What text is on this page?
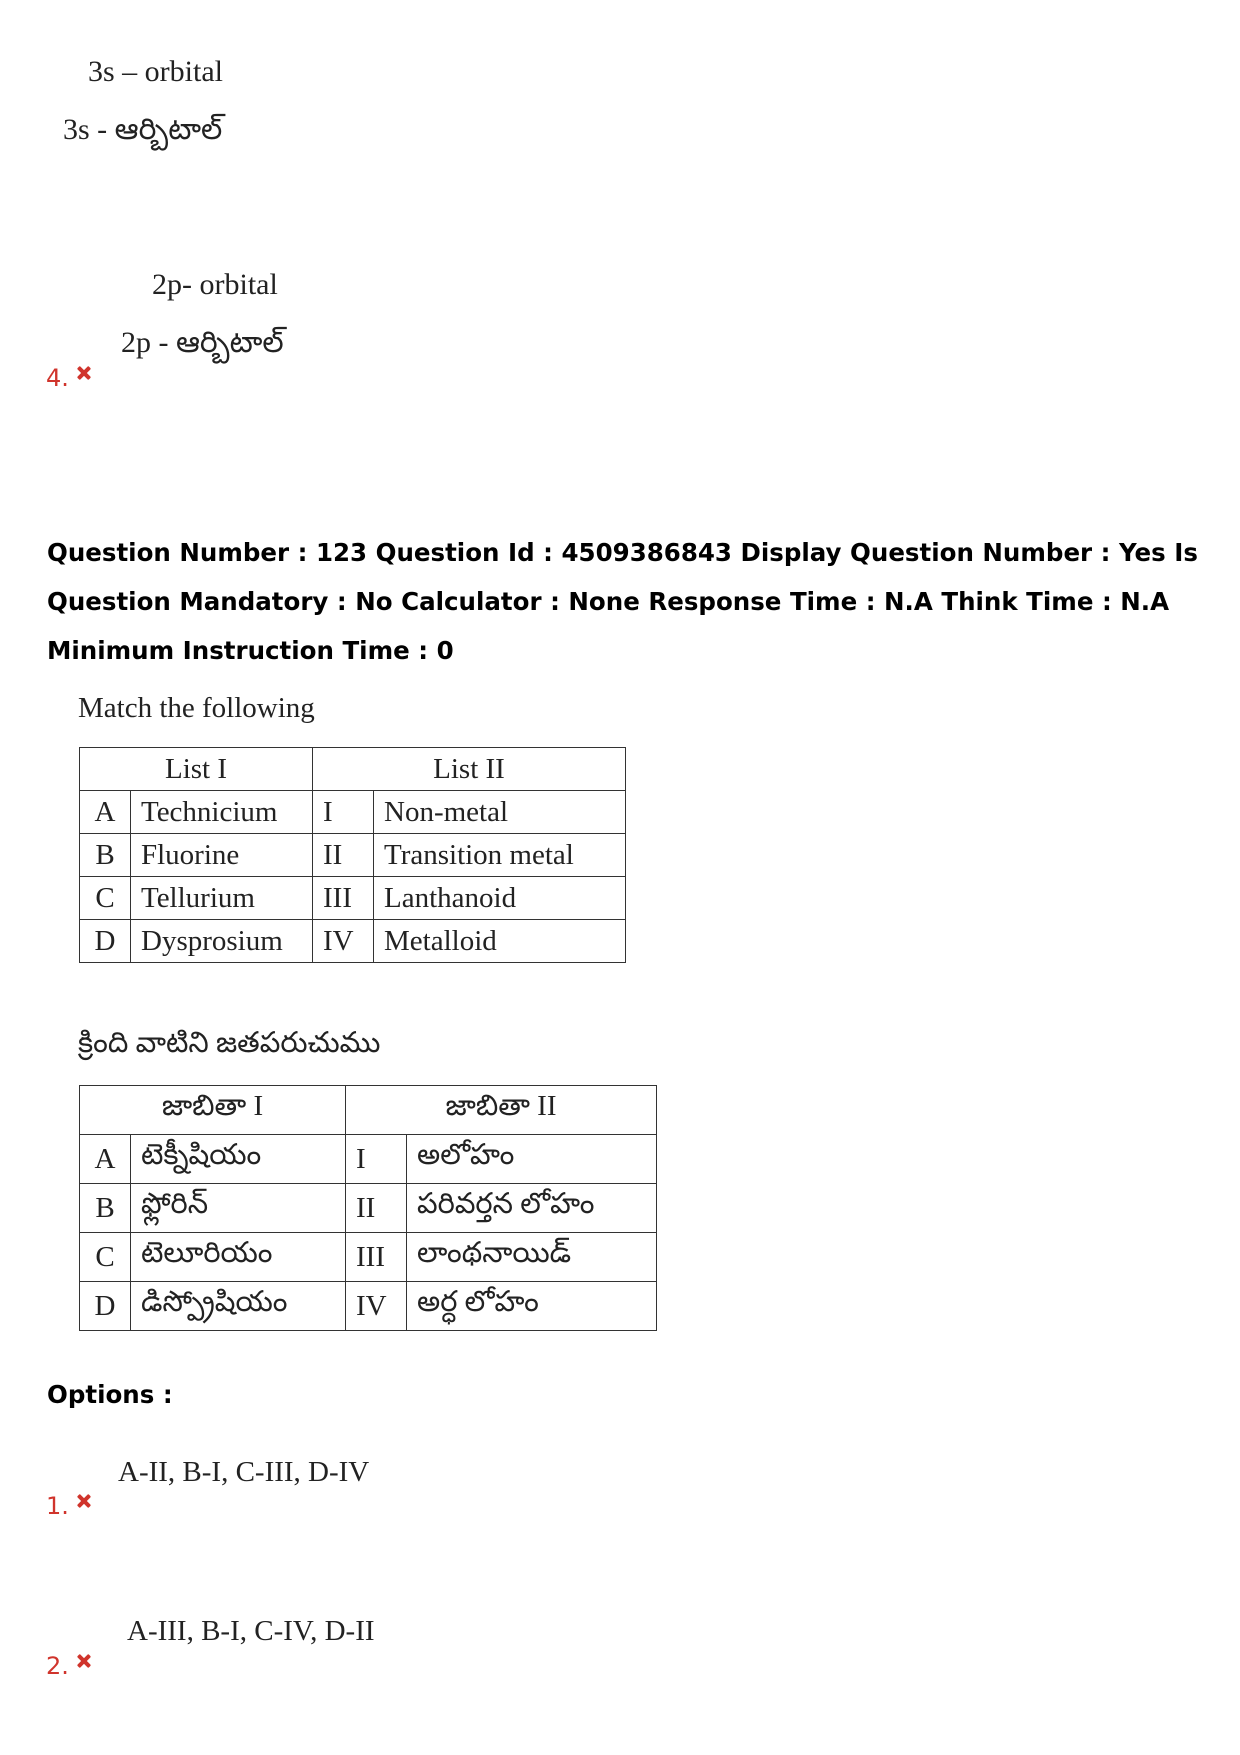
3s – orbital
3s - ఆర్బిటాల్
2p- orbital
2p - ఆర్బిటాల్
4.
Question Number : 123 Question Id : 4509386843 Display Question Number : Yes Is Question Mandatory : No Calculator : None Response Time : N.A Think Time : N.A Minimum Instruction Time : 0
Match the following
List I		List II	
A	Technicium	I	Non-metal
B	Fluorine	II	Transition metal
C	Tellurium	III	Lanthanoid
D	Dysprosium	IV	Metalloid
క్రింది వాటిని జతపరుచుము
జాబితా I		జాబితా II	
A	టెక్నీషియం	I	అలోహం
B	ఫ్లోరిన్	II	పరివర్తన లోహం
C	టెలూరియం	III	లాంథనాయిడ్
D	డిస్ప్రోషియం	IV	అర్ధ లోహం
Options :
A-II, B-I, C-III, D-IV
1.
A-III, B-I, C-IV, D-II
2.
